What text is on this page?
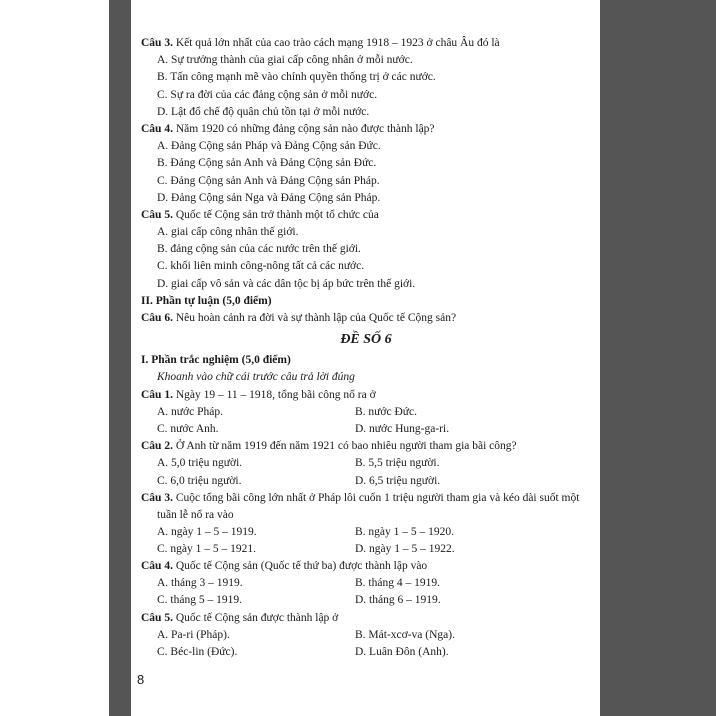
Câu 3. Kết quả lớn nhất của cao trào cách mạng 1918 – 1923 ở châu Âu đó là
A. Sự trưởng thành của giai cấp công nhân ở mỗi nước.
B. Tấn công mạnh mẽ vào chính quyền thống trị ở các nước.
C. Sự ra đời của các đảng cộng sản ở mỗi nước.
D. Lật đổ chế độ quân chủ tồn tại ở mỗi nước.
Câu 4. Năm 1920 có những đảng cộng sản nào được thành lập?
A. Đảng Cộng sản Pháp và Đảng Cộng sản Đức.
B. Đảng Cộng sản Anh và Đảng Cộng sản Đức.
C. Đảng Cộng sản Anh và Đảng Cộng sản Pháp.
D. Đảng Cộng sản Nga và Đảng Cộng sản Pháp.
Câu 5. Quốc tế Cộng sản trở thành một tổ chức của
A. giai cấp công nhân thế giới.
B. đảng cộng sản của các nước trên thế giới.
C. khối liên minh công-nông tất cả các nước.
D. giai cấp vô sản và các dân tộc bị áp bức trên thế giới.
II. Phần tự luận (5,0 điểm)
Câu 6. Nêu hoàn cảnh ra đời và sự thành lập của Quốc tế Cộng sản?
ĐỀ SỐ 6
I. Phần trắc nghiệm (5,0 điểm)
Khoanh vào chữ cái trước câu trả lời đúng
Câu 1. Ngày 19 – 11 – 1918, tổng bãi công nổ ra ở
A. nước Pháp.	B. nước Đức.
C. nước Anh.	D. nước Hung-ga-ri.
Câu 2. Ở Anh từ năm 1919 đến năm 1921 có bao nhiêu người tham gia bãi công?
A. 5,0 triệu người.	B. 5,5 triệu người.
C. 6,0 triệu người.	D. 6,5 triệu người.
Câu 3. Cuộc tổng bãi công lớn nhất ở Pháp lôi cuốn 1 triệu người tham gia và kéo dài suốt một tuần lễ nổ ra vào
A. ngày 1 – 5 – 1919.	B. ngày 1 – 5 – 1920.
C. ngày 1 – 5 – 1921.	D. ngày 1 – 5 – 1922.
Câu 4. Quốc tế Cộng sản (Quốc tế thứ ba) được thành lập vào
A. tháng 3 – 1919.	B. tháng 4 – 1919.
C. tháng 5 – 1919.	D. tháng 6 – 1919.
Câu 5. Quốc tế Cộng sản được thành lập ở
A. Pa-ri (Pháp).	B. Mát-xcơ-va (Nga).
C. Béc-lin (Đức).	D. Luân Đôn (Anh).
8
